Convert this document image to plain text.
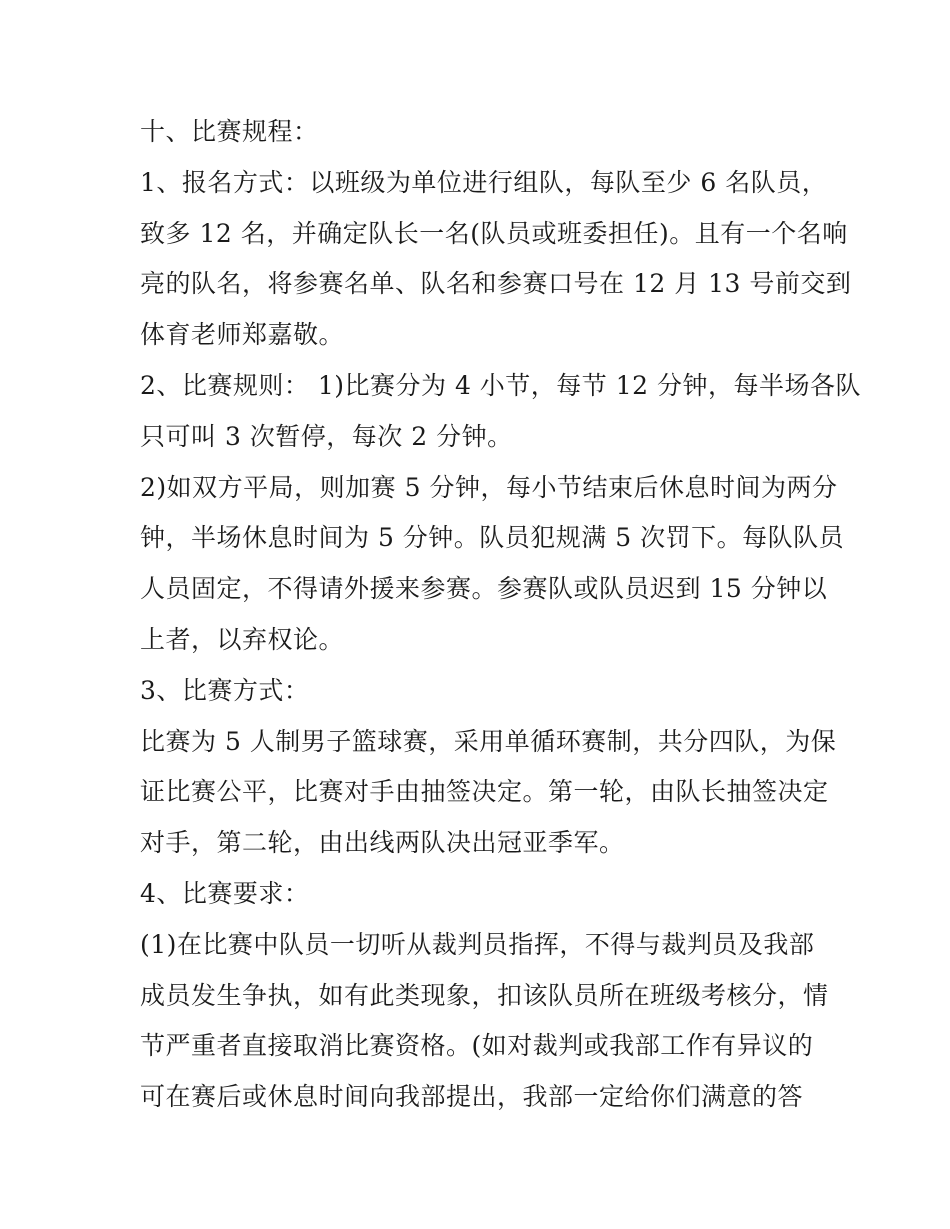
十、比赛规程：
1、报名方式：以班级为单位进行组队，每队至少 6 名队员，
致多 12 名，并确定队长一名(队员或班委担任)。且有一个名响
亮的队名，将参赛名单、队名和参赛口号在 12 月 13 号前交到
体育老师郑嘉敬。
2、比赛规则： 1)比赛分为 4 小节，每节 12 分钟，每半场各队
只可叫 3 次暂停，每次 2 分钟。
2)如双方平局，则加赛 5 分钟，每小节结束后休息时间为两分
钟，半场休息时间为 5 分钟。队员犯规满 5 次罚下。每队队员
人员固定，不得请外援来参赛。参赛队或队员迟到 15 分钟以
上者，以弃权论。
3、比赛方式：
比赛为 5 人制男子篮球赛，采用单循环赛制，共分四队，为保
证比赛公平，比赛对手由抽签决定。第一轮，由队长抽签决定
对手，第二轮，由出线两队决出冠亚季军。
4、比赛要求：
(1)在比赛中队员一切听从裁判员指挥，不得与裁判员及我部
成员发生争执，如有此类现象，扣该队员所在班级考核分，情
节严重者直接取消比赛资格。(如对裁判或我部工作有异议的
可在赛后或休息时间向我部提出，我部一定给你们满意的答
